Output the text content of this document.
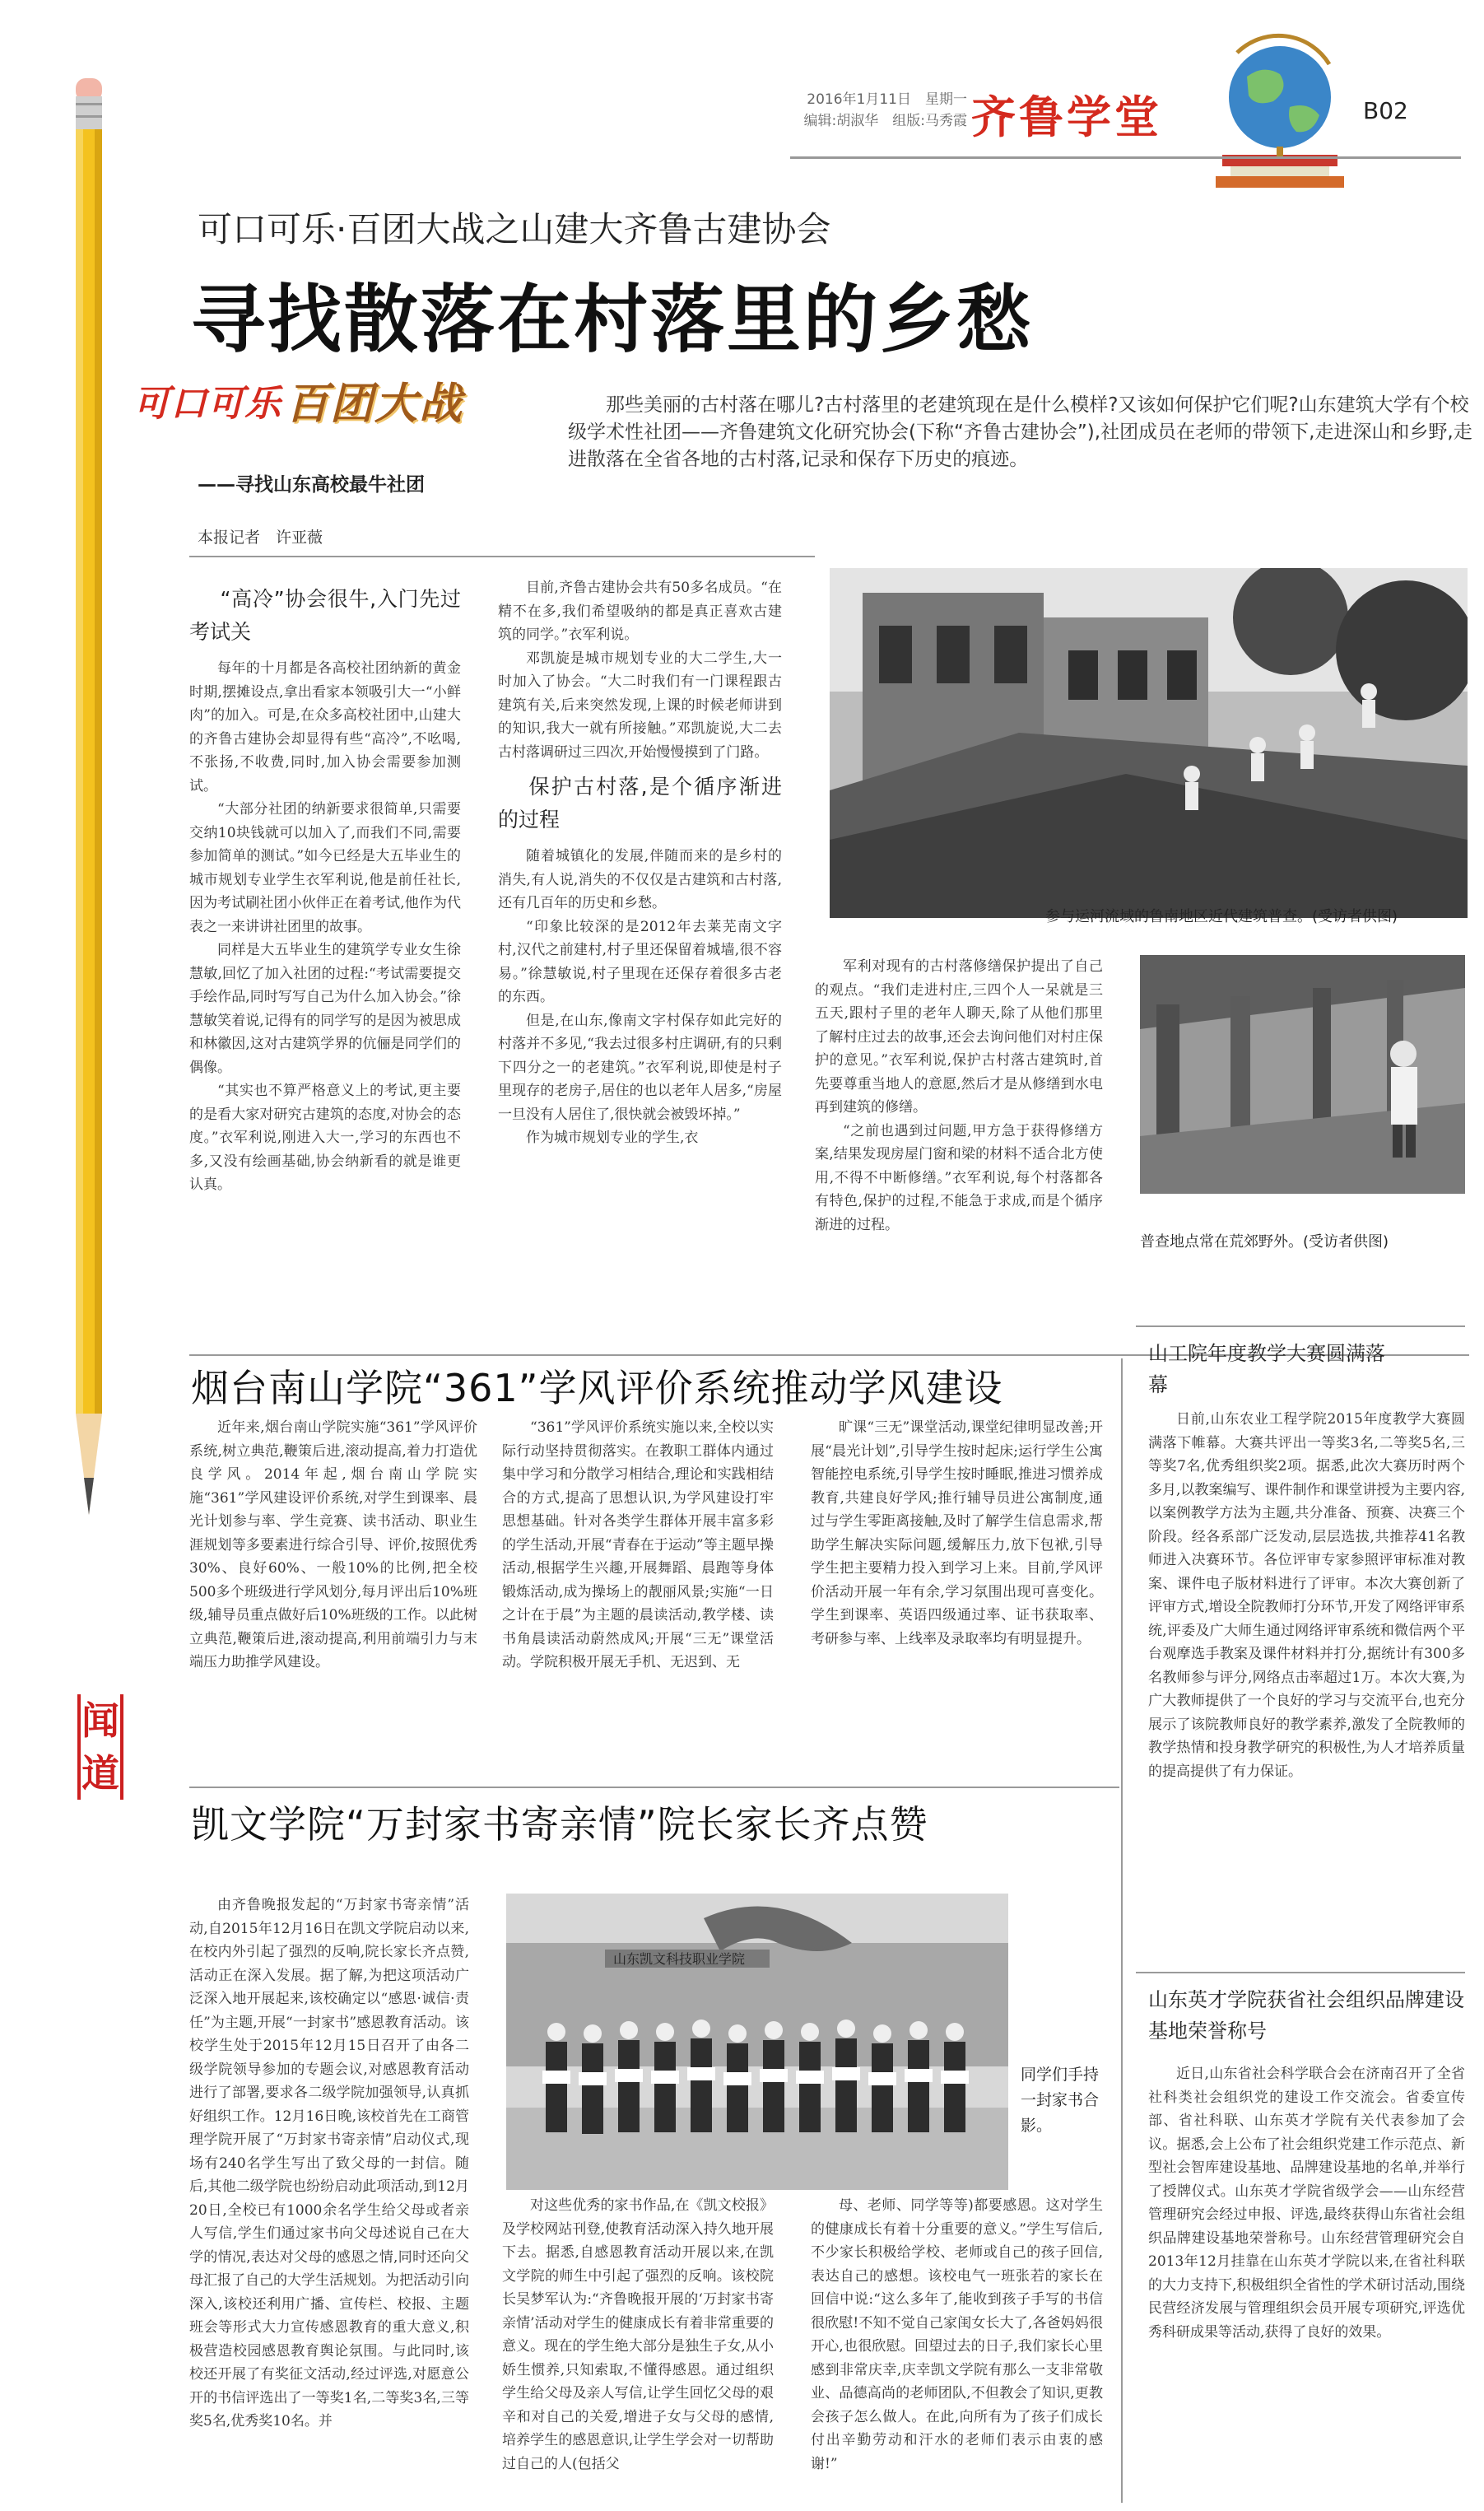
闻道
2016年1月11日　星期一
编辑:胡淑华　组版:马秀霞 齐鲁学堂	B02
可口可乐·百团大战之山建大齐鲁古建协会
寻找散落在村落里的乡愁
可口可乐 百团大战
——寻找山东高校最牛社团
那些美丽的古村落在哪儿?古村落里的老建筑现在是什么模样?又该如何保护它们呢?山东建筑大学有个校级学术性社团——齐鲁建筑文化研究协会(下称“齐鲁古建协会”),社团成员在老师的带领下,走进深山和乡野,走进散落在全省各地的古村落,记录和保存下历史的痕迹。
本报记者　许亚薇
“高冷”协会很牛,入门先过考试关

每年的十月都是各高校社团纳新的黄金时期,摆摊设点,拿出看家本领吸引大一“小鲜肉”的加入。可是,在众多高校社团中,山建大的齐鲁古建协会却显得有些“高冷”,不吆喝,不张扬,不收费,同时,加入协会需要参加测试。

“大部分社团的纳新要求很简单,只需要交纳10块钱就可以加入了,而我们不同,需要参加简单的测试。”如今已经是大五毕业生的城市规划专业学生衣军利说,他是前任社长,因为考试刷社团小伙伴正在着考试,他作为代表之一来讲讲社团里的故事。

同样是大五毕业生的建筑学专业女生徐慧敏,回忆了加入社团的过程:“考试需要提交手绘作品,同时写写自己为什么加入协会。”徐慧敏笑着说,记得有的同学写的是因为被思成和林徽因,这对古建筑学界的伉俪是同学们的偶像。

“其实也不算严格意义上的考试,更主要的是看大家对研究古建筑的态度,对协会的态度。”衣军利说,刚进入大一,学习的东西也不多,又没有绘画基础,协会纳新看的就是谁更认真。

目前,齐鲁古建协会共有50多名成员。“在精不在多,我们希望吸纳的都是真正喜欢古建筑的同学。”衣军利说。

邓凯旋是城市规划专业的大二学生,大一时加入了协会。“大二时我们有一门课程跟古建筑有关,后来突然发现,上课的时候老师讲到的知识,我大一就有所接触。”邓凯旋说,大二去古村落调研过三四次,开始慢慢摸到了门路。

保护古村落,是个循序渐进的过程

随着城镇化的发展,伴随而来的是乡村的消失,有人说,消失的不仅仅是古建筑和古村落,还有几百年的历史和乡愁。

“印象比较深的是2012年去莱芜南文字村,汉代之前建村,村子里还保留着城墙,很不容易。”徐慧敏说,村子里现在还保存着很多古老的东西。

但是,在山东,像南文字村保存如此完好的村落并不多见,“我去过很多村庄调研,有的只剩下四分之一的老建筑。”衣军利说,即使是村子里现存的老房子,居住的也以老年人居多,“房屋一旦没有人居住了,很快就会被毁坏掉。”

作为城市规划专业的学生,衣

参与运河流域的鲁南地区近代建筑普查。(受访者供图)

军利对现有的古村落修缮保护提出了自己的观点。“我们走进村庄,三四个人一呆就是三五天,跟村子里的老年人聊天,除了从他们那里了解村庄过去的故事,还会去询问他们对村庄保护的意见。”衣军利说,保护古村落古建筑时,首先要尊重当地人的意愿,然后才是从修缮到水电再到建筑的修缮。

“之前也遇到过问题,甲方急于获得修缮方案,结果发现房屋门窗和梁的材料不适合北方使用,不得不中断修缮。”衣军利说,每个村落都各有特色,保护的过程,不能急于求成,而是个循序渐进的过程。

普查地点常在荒郊野外。(受访者供图)
烟台南山学院“361”学风评价系统推动学风建设

近年来,烟台南山学院实施“361”学风评价系统,树立典范,鞭策后进,滚动提高,着力打造优良学风。2014年起,烟台南山学院实施“361”学风建设评价系统,对学生到课率、晨光计划参与率、学生竞赛、读书活动、职业生涯规划等多要素进行综合引导、评价,按照优秀30%、良好60%、一般10%的比例,把全校500多个班级进行学风划分,每月评出后10%班级,辅导员重点做好后10%班级的工作。以此树立典范,鞭策后进,滚动提高,利用前端引力与末端压力助推学风建设。

“361”学风评价系统实施以来,全校以实际行动坚持贯彻落实。在教职工群体内通过集中学习和分散学习相结合,理论和实践相结合的方式,提高了思想认识,为学风建设打牢思想基础。针对各类学生群体开展丰富多彩的学生活动,开展“青春在于运动”等主题早操活动,根据学生兴趣,开展舞蹈、晨跑等身体锻炼活动,成为操场上的靓丽风景;实施“一日之计在于晨”为主题的晨读活动,教学楼、读书角晨读活动蔚然成风;开展“三无”课堂活动。学院积极开展无手机、无迟到、无

旷课“三无”课堂活动,课堂纪律明显改善;开展“晨光计划”,引导学生按时起床;运行学生公寓智能控电系统,引导学生按时睡眠,推进习惯养成教育,共建良好学风;推行辅导员进公寓制度,通过与学生零距离接触,及时了解学生信息需求,帮助学生解决实际问题,缓解压力,放下包袱,引导学生把主要精力投入到学习上来。目前,学风评价活动开展一年有余,学习氛围出现可喜变化。学生到课率、英语四级通过率、证书获取率、考研参与率、上线率及录取率均有明显提升。

凯文学院“万封家书寄亲情”院长家长齐点赞

由齐鲁晚报发起的“万封家书寄亲情”活动,自2015年12月16日在凯文学院启动以来,在校内外引起了强烈的反响,院长家长齐点赞,活动正在深入发展。据了解,为把这项活动广泛深入地开展起来,该校确定以“感恩·诚信·责任”为主题,开展“一封家书”感恩教育活动。该校学生处于2015年12月15日召开了由各二级学院领导参加的专题会议,对感恩教育活动进行了部署,要求各二级学院加强领导,认真抓好组织工作。12月16日晚,该校首先在工商管理学院开展了“万封家书寄亲情”启动仪式,现场有240名学生写出了致父母的一封信。随后,其他二级学院也纷纷启动此项活动,到12月20日,全校已有1000余名学生给父母或者亲人写信,学生们通过家书向父母述说自己在大学的情况,表达对父母的感恩之情,同时还向父母汇报了自己的大学生活规划。为把活动引向深入,该校还利用广播、宣传栏、校报、主题班会等形式大力宣传感恩教育的重大意义,积极营造校园感恩教育舆论氛围。与此同时,该校还开展了有奖征文活动,经过评选,对愿意公开的书信评选出了一等奖1名,二等奖3名,三等奖5名,优秀奖10名。并

山东凯文科技职业学院
同学们手持一封家书合影。

对这些优秀的家书作品,在《凯文校报》及学校网站刊登,使教育活动深入持久地开展下去。据悉,自感恩教育活动开展以来,在凯文学院的师生中引起了强烈的反响。该校院长吴梦军认为:“齐鲁晚报开展的‘万封家书寄亲情’活动对学生的健康成长有着非常重要的意义。现在的学生绝大部分是独生子女,从小娇生惯养,只知索取,不懂得感恩。通过组织学生给父母及亲人写信,让学生回忆父母的艰辛和对自己的关爱,增进子女与父母的感情,培养学生的感恩意识,让学生学会对一切帮助过自己的人(包括父

母、老师、同学等等)都要感恩。这对学生的健康成长有着十分重要的意义。”学生写信后,不少家长积极给学校、老师或自己的孩子回信,表达自己的感想。该校电气一班张若的家长在回信中说:“这么多年了,能收到孩子手写的书信很欣慰!不知不觉自己家闺女长大了,各爸妈妈很开心,也很欣慰。回望过去的日子,我们家长心里感到非常庆幸,庆幸凯文学院有那么一支非常敬业、品德高尚的老师团队,不但教会了知识,更教会孩子怎么做人。在此,向所有为了孩子们成长付出辛勤劳动和汗水的老师们表示由衷的感谢!”

山工院年度教学大赛圆满落幕

日前,山东农业工程学院2015年度教学大赛圆满落下帷幕。大赛共评出一等奖3名,二等奖5名,三等奖7名,优秀组织奖2项。据悉,此次大赛历时两个多月,以教案编写、课件制作和课堂讲授为主要内容,以案例教学方法为主题,共分准备、预赛、决赛三个阶段。经各系部广泛发动,层层选拔,共推荐41名教师进入决赛环节。各位评审专家参照评审标准对教案、课件电子版材料进行了评审。本次大赛创新了评审方式,增设全院教师打分环节,开发了网络评审系统,评委及广大师生通过网络评审系统和微信两个平台观摩选手教案及课件材料并打分,据统计有300多名教师参与评分,网络点击率超过1万。本次大赛,为广大教师提供了一个良好的学习与交流平台,也充分展示了该院教师良好的教学素养,激发了全院教师的教学热情和投身教学研究的积极性,为人才培养质量的提高提供了有力保证。

山东英才学院获省社会组织品牌建设基地荣誉称号

近日,山东省社会科学联合会在济南召开了全省社科类社会组织党的建设工作交流会。省委宣传部、省社科联、山东英才学院有关代表参加了会议。据悉,会上公布了社会组织党建工作示范点、新型社会智库建设基地、品牌建设基地的名单,并举行了授牌仪式。山东英才学院省级学会——山东经营管理研究会经过申报、评选,最终获得山东省社会组织品牌建设基地荣誉称号。山东经营管理研究会自2013年12月挂靠在山东英才学院以来,在省社科联的大力支持下,积极组织全省性的学术研讨活动,围绕民营经济发展与管理组织会员开展专项研究,评选优秀科研成果等活动,获得了良好的效果。
